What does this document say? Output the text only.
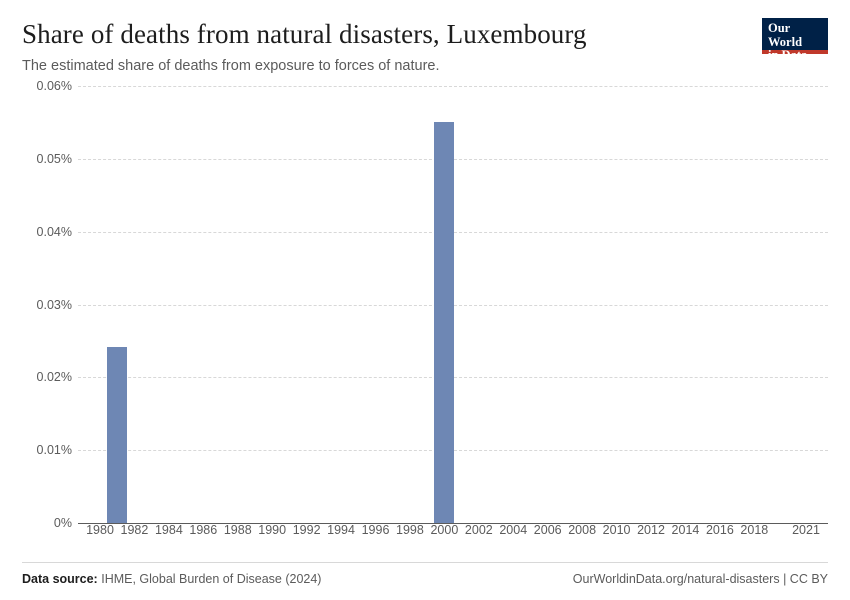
Share of deaths from natural disasters, Luxembourg

The estimated share of deaths from exposure to forces of nature.

Our World
in Data
0.06%
0.05%
0.04%
0.03%
0.02%
0.01%
0% 1980 1982 1984 1986 1988 1990 1992 1994 1996 1998 2000 2002 2004 2006 2008 2010 2012 2014 2016 2018 2021
Data source: IHME, Global Burden of Disease (2024)	OurWorldinData.org/natural-disasters | CC BY
